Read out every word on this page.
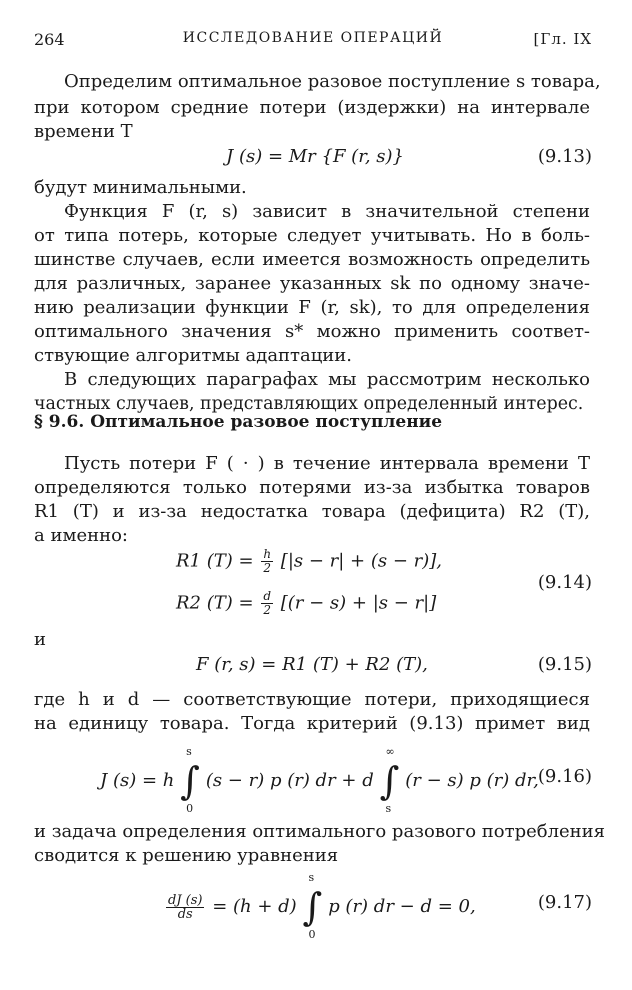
264	ИССЛЕДОВАНИЕ ОПЕРАЦИЙ	[Гл. IX
Определим оптимальное разовое поступление s товара,
при котором средние потери (издержки) на интервале
времени T
J (s) = Mr {F (r, s)}	(9.13)
будут минимальными.
Функция F (r, s) зависит в значительной степени
от типа потерь, которые следует учитывать. Но в боль-
шинстве случаев, если имеется возможность определить
для различных, заранее указанных sk по одному значе-
нию реализации функции F (r, sk), то для определения
оптимального значения s* можно применить соответ-
ствующие алгоритмы адаптации.
В следующих параграфах мы рассмотрим несколько
частных случаев, представляющих определенный интерес.
§ 9.6. Оптимальное разовое поступление
Пусть потери F ( · ) в течение интервала времени T
определяются только потерями из-за избытка товаров
R1 (T) и из-за недостатка товара (дефицита) R2 (T),
а именно:
R1 $(T) = \frac{h}{2} [|s - r| + (s - r)]$,
R2 $(T) = \frac{d}{2} [(r - s) + |s - r|]$
(9.14)
и
F (r, s) = R1 (T) + R2 (T),	(9.15)
где h и d — соответствующие потери, приходящиеся
на единицу товара. Тогда критерий (9.13) примет вид
J (s) = h ∫
s
0
(s − r) p (r) dr + d ∫
∞
s
(r − s) p (r) dr, (9.16)
и задача определения оптимального разового потребления
сводится к решению уравнения
$\frac{dJ (s)}{ds} = (h + d)$ ∫
s
0
p (r) dr − d = 0,	(9.17)
